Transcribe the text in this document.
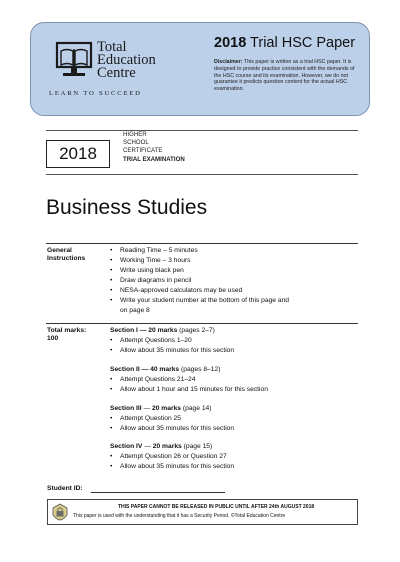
Total
Education
Centre
LEARN TO SUCCEED
2018 Trial HSC Paper
Disclaimer: This paper is written as a trial HSC paper. It is designed to provide practice consistent with the demands of the HSC course and its examination. However, we do not guarantee it predicts question content for the actual HSC examination.
2018
HIGHER
SCHOOL
CERTIFICATE
TRIAL EXAMINATION
Business Studies
General
Instructions
• Reading Time – 5 minutes
• Working Time – 3 hours
• Write using black pen
• Draw diagrams in pencil
• NESA-approved calculators may be used
• Write your student number at the bottom of this page and
on page 8
Total marks:
100
Section I — 20 marks (pages 2–7)
• Attempt Questions 1–20
• Allow about 35 minutes for this section
Section II — 40 marks (pages 8–12)
• Attempt Questions 21–24
• Allow about 1 hour and 15 minutes for this section
Section III — 20 marks (page 14)
• Attempt Question 25
• Allow about 35 minutes for this section
Section IV — 20 marks (page 15)
• Attempt Question 26 or Question 27
• Allow about 35 minutes for this section
Student ID:
THIS PAPER CANNOT BE RELEASED IN PUBLIC UNTIL AFTER 24th AUGUST 2018
This paper is used with the understanding that it has a Security Period. ©Total Education Centre
